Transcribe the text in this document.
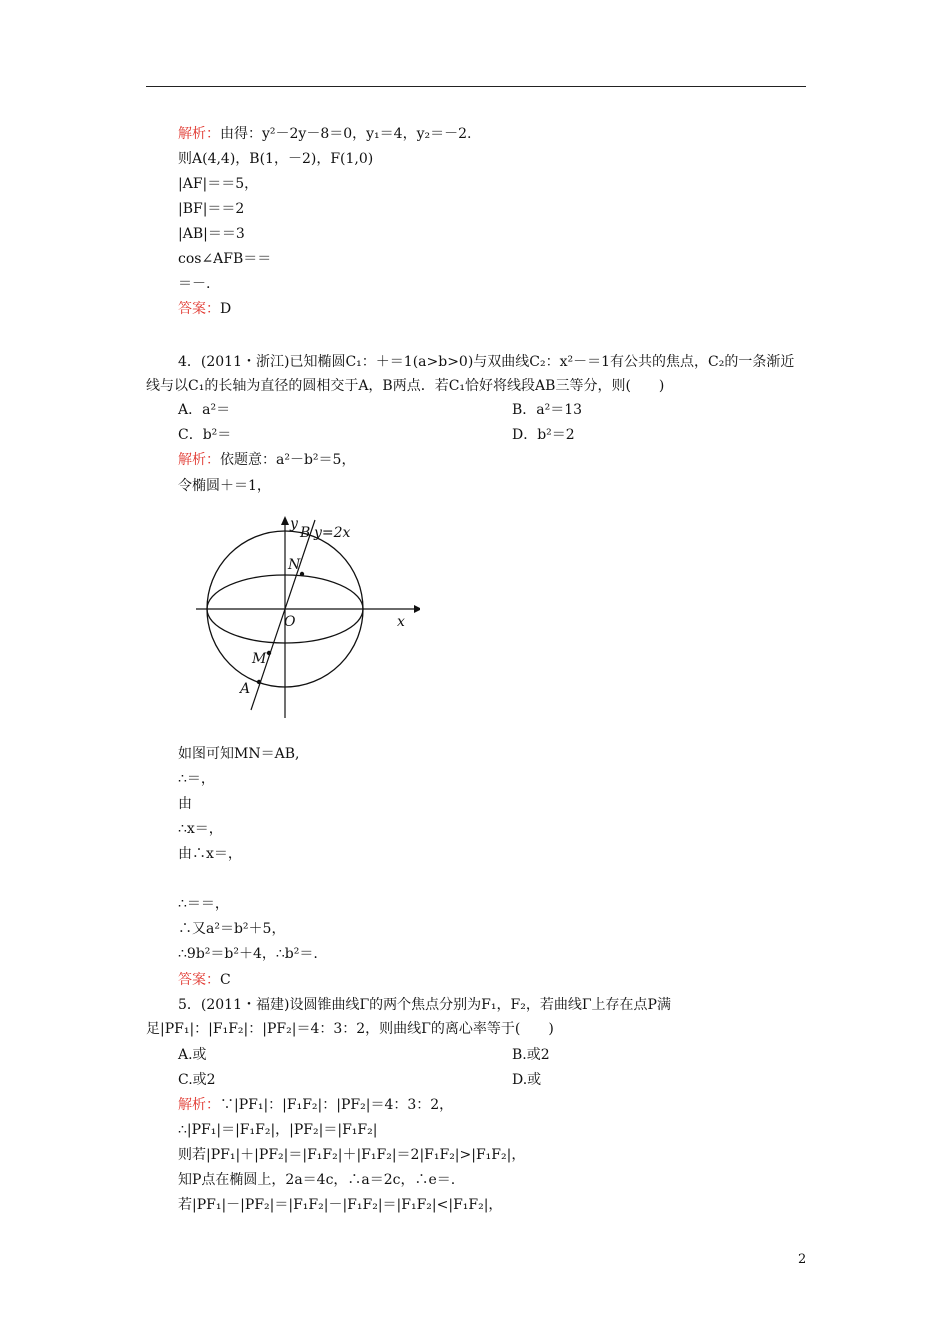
解析：由得：y²－2y－8＝0，y₁＝4，y₂＝－2.
则A(4,4)，B(1，－2)，F(1,0)
|AF|＝＝5，
|BF|＝＝2
|AB|＝＝3
cos∠AFB＝＝
＝－.
答案：D
4．(2011・浙江)已知椭圆C₁：＋＝1(a>b>0)与双曲线C₂：x²－＝1有公共的焦点，C₂的一条渐近线与以C₁的长轴为直径的圆相交于A，B两点．若C₁恰好将线段AB三等分，则(　　)
A．a²＝	B．a²＝13
C．b²＝	D．b²＝2
解析：依题意：a²－b²＝5，
令椭圆＋＝1，
y
B y=2x
N
O	x
M
A
如图可知MN＝AB,
∴＝，
由
∴x＝，
由∴x＝，
∴＝＝，
∴又a²＝b²＋5，
∴9b²＝b²＋4，∴b²＝.
答案：C
5．(2011・福建)设圆锥曲线Γ的两个焦点分别为F₁，F₂，若曲线Γ上存在点P满足|PF₁|：|F₁F₂|：|PF₂|＝4：3：2，则曲线Γ的离心率等于(　　)
A.或	B.或2
C.或2	D.或
解析：∵|PF₁|：|F₁F₂|：|PF₂|＝4：3：2，
∴|PF₁|＝|F₁F₂|，|PF₂|＝|F₁F₂|
则若|PF₁|＋|PF₂|＝|F₁F₂|＋|F₁F₂|＝2|F₁F₂|>|F₁F₂|，
知P点在椭圆上，2a＝4c，∴a＝2c，∴e＝.
若|PF₁|－|PF₂|＝|F₁F₂|－|F₁F₂|＝|F₁F₂|<|F₁F₂|，
2
